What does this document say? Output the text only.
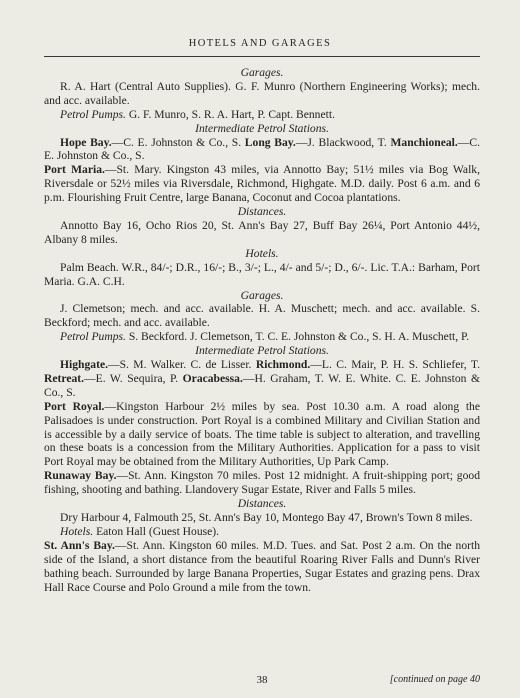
HOTELS AND GARAGES

Garages.

R. A. Hart (Central Auto Supplies). G. F. Munro (Northern Engineering Works); mech. and acc. available.

Petrol Pumps. G. F. Munro, S. R. A. Hart, P. Capt. Bennett.

Intermediate Petrol Stations.

Hope Bay.—C. E. Johnston & Co., S. Long Bay.—J. Blackwood, T. Manchioneal.—C. E. Johnston & Co., S.

Port Maria.—St. Mary. Kingston 43 miles, via Annotto Bay; 51½ miles via Bog Walk, Riversdale or 52½ miles via Riversdale, Richmond, Highgate. M.D. daily. Post 6 a.m. and 6 p.m. Flourishing Fruit Centre, large Banana, Coconut and Cocoa plantations.

Distances.

Annotto Bay 16, Ocho Rios 20, St. Ann's Bay 27, Buff Bay 26¼, Port Antonio 44½, Albany 8 miles.

Hotels.

Palm Beach. W.R., 84/-; D.R., 16/-; B., 3/-; L., 4/- and 5/-; D., 6/-. Lic. T.A.: Barham, Port Maria. G.A. C.H.

Garages.

J. Clemetson; mech. and acc. available. H. A. Muschett; mech. and acc. available. S. Beckford; mech. and acc. available.

Petrol Pumps. S. Beckford. J. Clemetson, T. C. E. Johnston & Co., S. H. A. Muschett, P.

Intermediate Petrol Stations.

Highgate.—S. M. Walker. C. de Lisser. Richmond.—L. C. Mair, P. H. S. Schliefer, T. Retreat.—E. W. Sequira, P. Oracabessa.—H. Graham, T. W. E. White. C. E. Johnston & Co., S.

Port Royal.—Kingston Harbour 2½ miles by sea. Post 10.30 a.m. A road along the Palisadoes is under construction. Port Royal is a combined Military and Civilian Station and is accessible by a daily service of boats. The time table is subject to alteration, and travelling on these boats is a concession from the Military Authorities. Application for a pass to visit Port Royal may be obtained from the Military Authorities, Up Park Camp.

Runaway Bay.—St. Ann. Kingston 70 miles. Post 12 midnight. A fruit-shipping port; good fishing, shooting and bathing. Llandovery Sugar Estate, River and Falls 5 miles.

Distances.

Dry Harbour 4, Falmouth 25, St. Ann's Bay 10, Montego Bay 47, Brown's Town 8 miles.

Hotels. Eaton Hall (Guest House).

St. Ann's Bay.—St. Ann. Kingston 60 miles. M.D. Tues. and Sat. Post 2 a.m. On the north side of the Island, a short distance from the beautiful Roaring River Falls and Dunn's River bathing beach. Surrounded by large Banana Properties, Sugar Estates and grazing pens. Drax Hall Race Course and Polo Ground a mile from the town.

38	[continued on page 40
